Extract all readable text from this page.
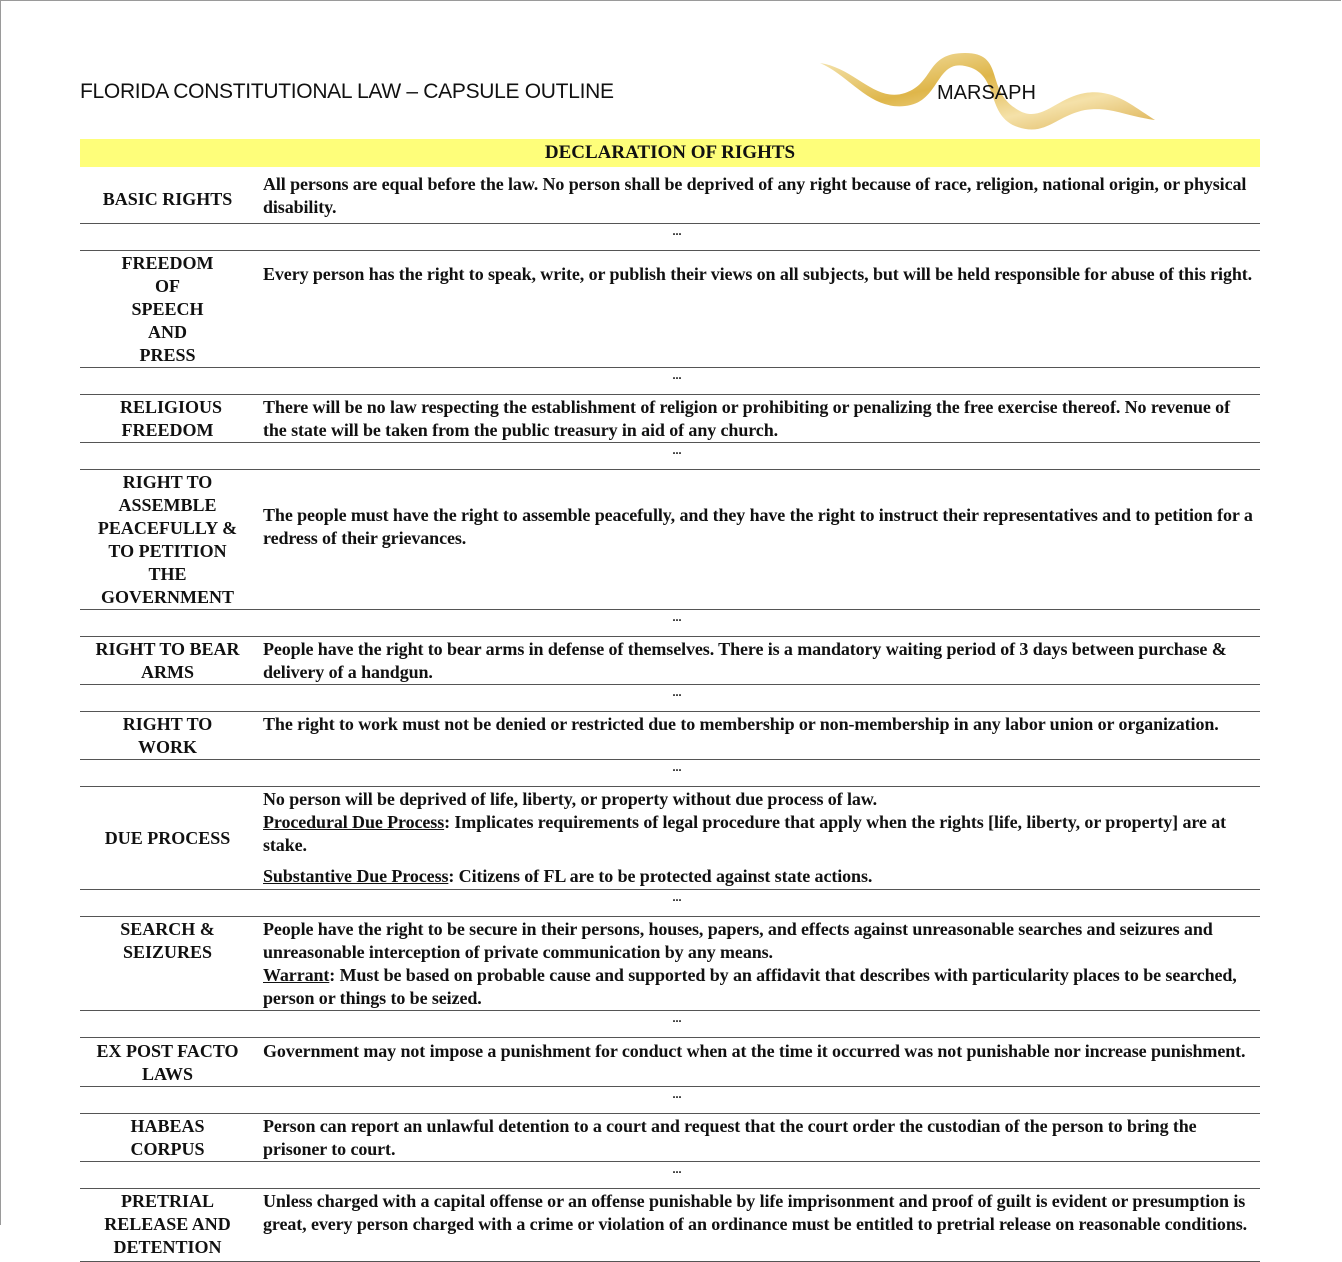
FLORIDA CONSTITUTIONAL LAW – CAPSULE OUTLINE	MARSAPH
DECLARATION OF RIGHTS
BASIC RIGHTS
All persons are equal before the law. No person shall be deprived of any right because of race, religion, national origin, or physical disability.
...
FREEDOM OF SPEECH AND PRESS
Every person has the right to speak, write, or publish their views on all subjects, but will be held responsible for abuse of this right.
...
RELIGIOUS FREEDOM
There will be no law respecting the establishment of religion or prohibiting or penalizing the free exercise thereof. No revenue of the state will be taken from the public treasury in aid of any church.
...
RIGHT TO ASSEMBLE PEACEFULLY & TO PETITION THE GOVERNMENT
The people must have the right to assemble peacefully, and they have the right to instruct their representatives and to petition for a redress of their grievances.
...
RIGHT TO BEAR ARMS
People have the right to bear arms in defense of themselves. There is a mandatory waiting period of 3 days between purchase & delivery of a handgun.
...
RIGHT TO WORK
The right to work must not be denied or restricted due to membership or non-membership in any labor union or organization.
...
DUE PROCESS
No person will be deprived of life, liberty, or property without due process of law.
Procedural Due Process: Implicates requirements of legal procedure that apply when the rights [life, liberty, or property] are at stake.
Substantive Due Process: Citizens of FL are to be protected against state actions.
...
SEARCH & SEIZURES
People have the right to be secure in their persons, houses, papers, and effects against unreasonable searches and seizures and unreasonable interception of private communication by any means.
Warrant: Must be based on probable cause and supported by an affidavit that describes with particularity places to be searched, person or things to be seized.
...
EX POST FACTO LAWS
Government may not impose a punishment for conduct when at the time it occurred was not punishable nor increase punishment.
...
HABEAS CORPUS
Person can report an unlawful detention to a court and request that the court order the custodian of the person to bring the prisoner to court.
...
PRETRIAL RELEASE AND DETENTION
Unless charged with a capital offense or an offense punishable by life imprisonment and proof of guilt is evident or presumption is great, every person charged with a crime or violation of an ordinance must be entitled to pretrial release on reasonable conditions.
